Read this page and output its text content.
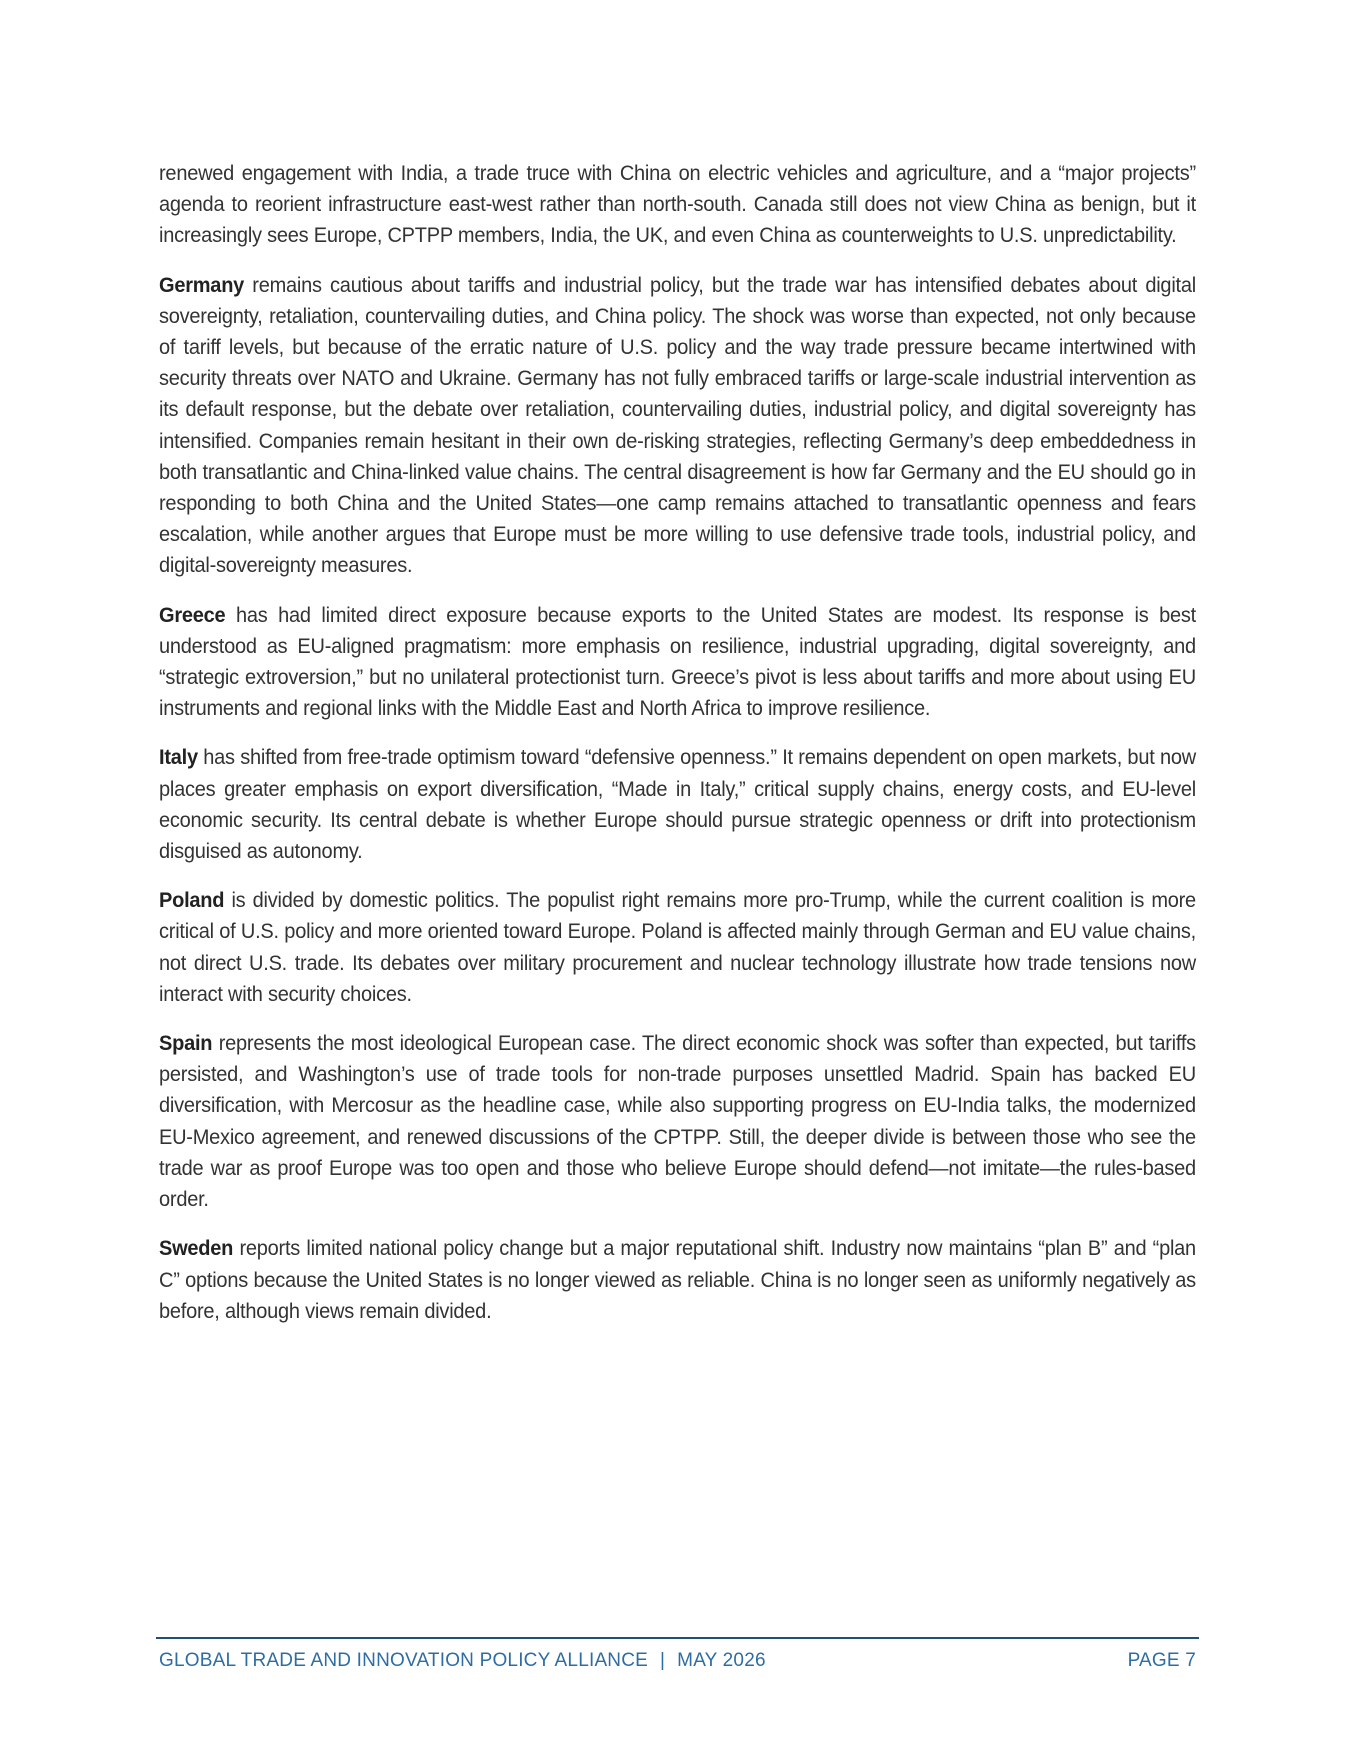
renewed engagement with India, a trade truce with China on electric vehicles and agriculture, and a “major projects” agenda to reorient infrastructure east-west rather than north-south. Canada still does not view China as benign, but it increasingly sees Europe, CPTPP members, India, the UK, and even China as counterweights to U.S. unpredictability.

Germany remains cautious about tariffs and industrial policy, but the trade war has intensified debates about digital sovereignty, retaliation, countervailing duties, and China policy. The shock was worse than expected, not only because of tariff levels, but because of the erratic nature of U.S. policy and the way trade pressure became intertwined with security threats over NATO and Ukraine. Germany has not fully embraced tariffs or large-scale industrial intervention as its default response, but the debate over retaliation, countervailing duties, industrial policy, and digital sovereignty has intensified. Companies remain hesitant in their own de-risking strategies, reflecting Germany’s deep embeddedness in both transatlantic and China-linked value chains. The central disagreement is how far Germany and the EU should go in responding to both China and the United States—one camp remains attached to transatlantic openness and fears escalation, while another argues that Europe must be more willing to use defensive trade tools, industrial policy, and digital-sovereignty measures.

Greece has had limited direct exposure because exports to the United States are modest. Its response is best understood as EU-aligned pragmatism: more emphasis on resilience, industrial upgrading, digital sovereignty, and “strategic extroversion,” but no unilateral protectionist turn. Greece’s pivot is less about tariffs and more about using EU instruments and regional links with the Middle East and North Africa to improve resilience.

Italy has shifted from free-trade optimism toward “defensive openness.” It remains dependent on open markets, but now places greater emphasis on export diversification, “Made in Italy,” critical supply chains, energy costs, and EU-level economic security. Its central debate is whether Europe should pursue strategic openness or drift into protectionism disguised as autonomy.

Poland is divided by domestic politics. The populist right remains more pro-Trump, while the current coalition is more critical of U.S. policy and more oriented toward Europe. Poland is affected mainly through German and EU value chains, not direct U.S. trade. Its debates over military procurement and nuclear technology illustrate how trade tensions now interact with security choices.

Spain represents the most ideological European case. The direct economic shock was softer than expected, but tariffs persisted, and Washington’s use of trade tools for non-trade purposes unsettled Madrid. Spain has backed EU diversification, with Mercosur as the headline case, while also supporting progress on EU-India talks, the modernized EU-Mexico agreement, and renewed discussions of the CPTPP. Still, the deeper divide is between those who see the trade war as proof Europe was too open and those who believe Europe should defend—not imitate—the rules-based order.

Sweden reports limited national policy change but a major reputational shift. Industry now maintains “plan B” and “plan C” options because the United States is no longer viewed as reliable. China is no longer seen as uniformly negatively as before, although views remain divided.

GLOBAL TRADE AND INNOVATION POLICY ALLIANCE | MAY 2026	PAGE 7
